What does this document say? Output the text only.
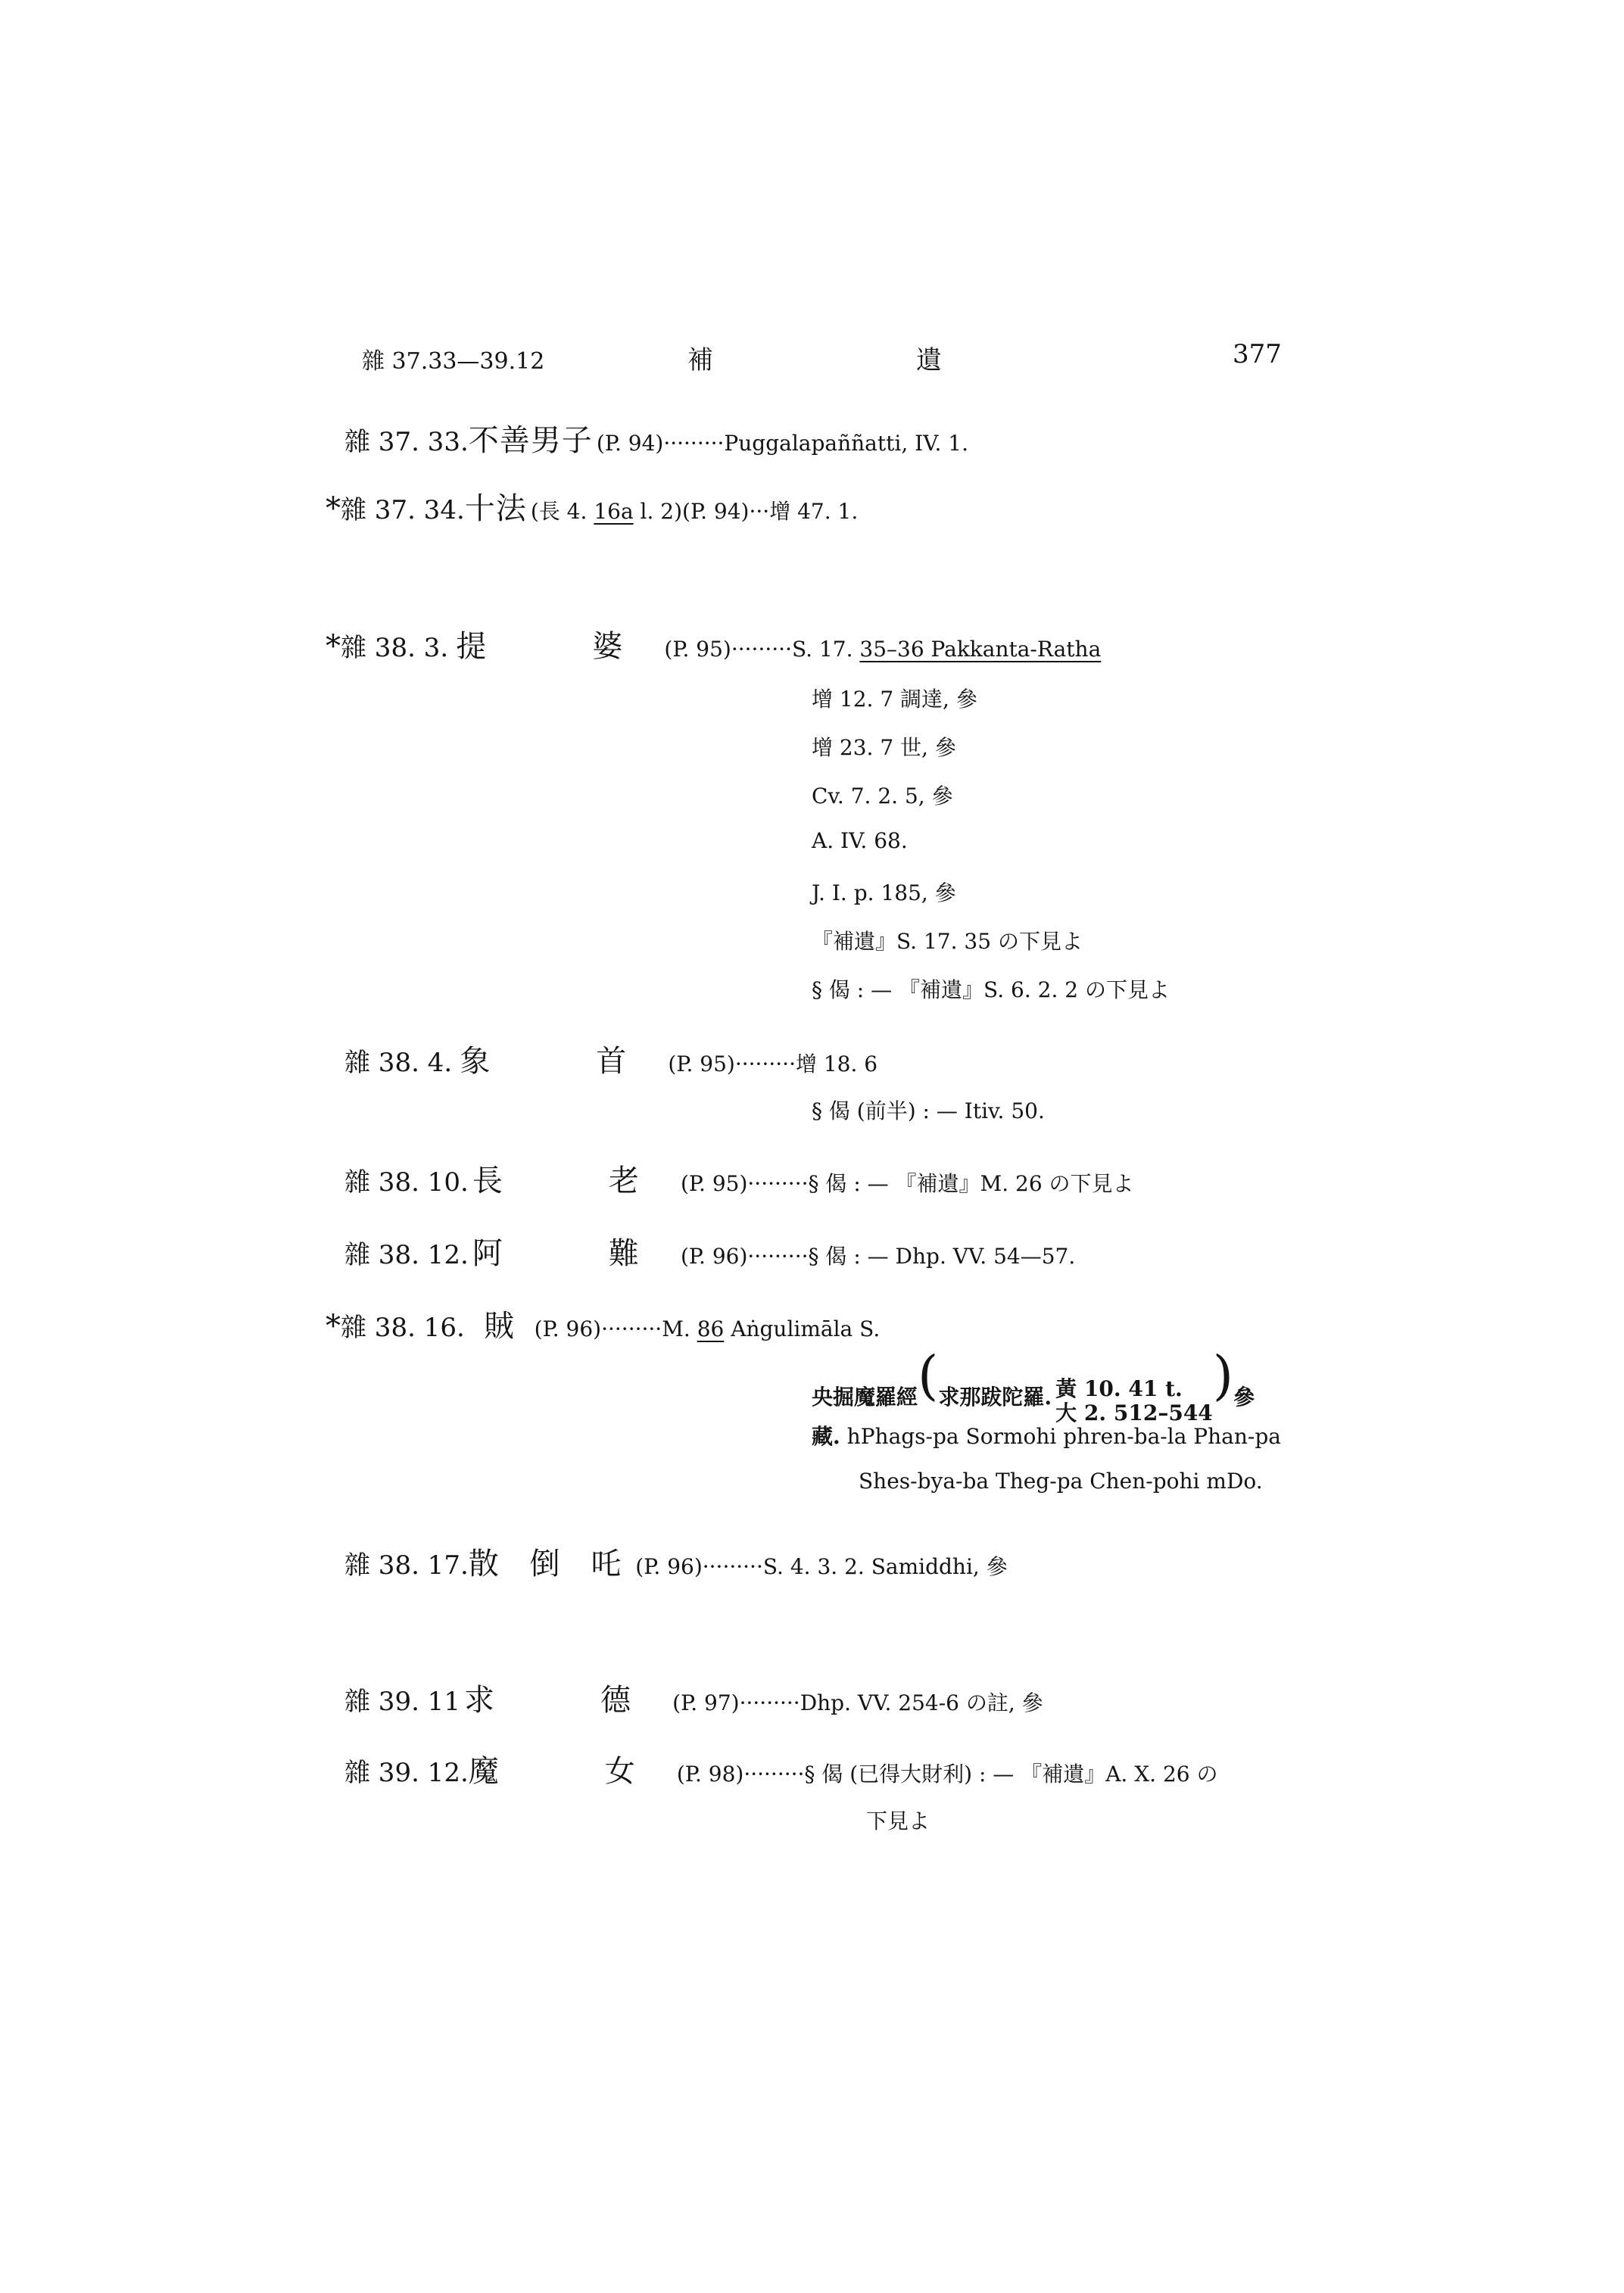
雜 37.33—39.12	補	遺	377
雜 37. 33.不善男子 (P. 94)·········Puggalapaññatti, IV. 1.
*雜 37. 34.十法 (長 4. 16a l. 2)(P. 94)···增 47. 1.
*雜 38. 3. 提　婆 (P. 95)·········S. 17. 35–36 Pakkanta-Ratha
增 12. 7 調達, 參
增 23. 7 世, 參
Cv. 7. 2. 5, 參
A. IV. 68.
J. I. p. 185, 參
『補遺』S. 17. 35 の下見よ
§ 偈 : — 『補遺』S. 6. 2. 2 の下見よ
雜 38. 4. 象　首 (P. 95)·········增 18. 6
§ 偈 (前半) : — Itiv. 50.
雜 38. 10. 長　老 (P. 95)·········§ 偈 : — 『補遺』M. 26 の下見よ
雜 38. 12. 阿　難 (P. 96)·········§ 偈 : — Dhp. VV. 54—57.
*雜 38. 16. 賊 (P. 96)·········M. 86 Aṅgulimāla S.
央掘魔羅經(求那跋陀羅. 黃 10. 41 t.
大 2. 512–544
)參
藏. hPhags-pa Sormohi phren-ba-la Phan-pa
Shes-bya-ba Theg-pa Chen-pohi mDo.
雜 38. 17.散 倒 吒 (P. 96)·········S. 4. 3. 2. Samiddhi, 參
雜 39. 11 求　德 (P. 97)·········Dhp. VV. 254-6 の註, 參
雜 39. 12.魔　女 (P. 98)·········§ 偈 (已得大財利) : — 『補遺』A. X. 26 の
下見よ
